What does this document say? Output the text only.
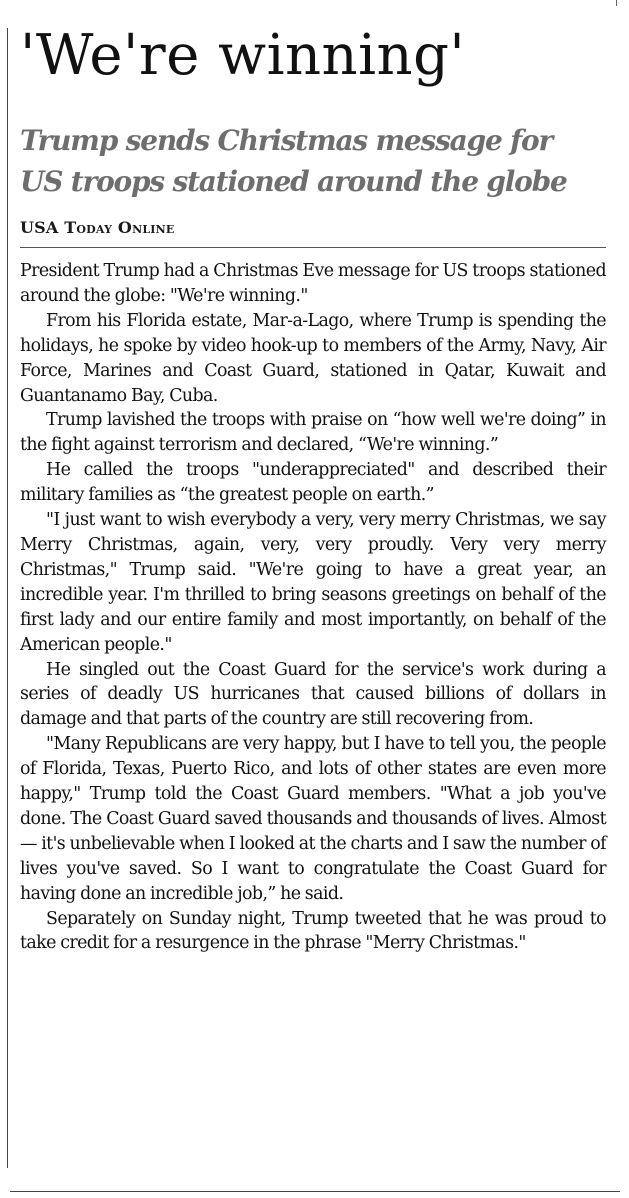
'We're winning'
Trump sends Christmas message for
US troops stationed around the globe
USA Today Online

President Trump had a Christmas Eve message for US troops stationed around the globe: "We're winning."

From his Florida estate, Mar-a-Lago, where Trump is spending the holidays, he spoke by video hook-up to members of the Army, Navy, Air Force, Marines and Coast Guard, stationed in Qatar, Kuwait and Guantanamo Bay, Cuba.

Trump lavished the troops with praise on “how well we're doing” in the fight against terrorism and declared, “We're winning.”

He called the troops "underappreciated" and described their military families as “the greatest people on earth.”

"I just want to wish everybody a very, very merry Christmas, we say Merry Christmas, again, very, very proudly. Very very merry Christmas," Trump said. "We're going to have a great year, an incredible year. I'm thrilled to bring seasons greetings on behalf of the first lady and our entire family and most importantly, on behalf of the American people."

He singled out the Coast Guard for the service's work during a series of deadly US hurricanes that caused billions of dollars in damage and that parts of the country are still recovering from.

"Many Republicans are very happy, but I have to tell you, the people of Florida, Texas, Puerto Rico, and lots of other states are even more happy," Trump told the Coast Guard members. "What a job you've done. The Coast Guard saved thousands and thousands of lives. Almost — it's unbelievable when I looked at the charts and I saw the number of lives you've saved. So I want to congratulate the Coast Guard for having done an incredible job,” he said.

Separately on Sunday night, Trump tweeted that he was proud to take credit for a resurgence in the phrase "Merry Christmas."
